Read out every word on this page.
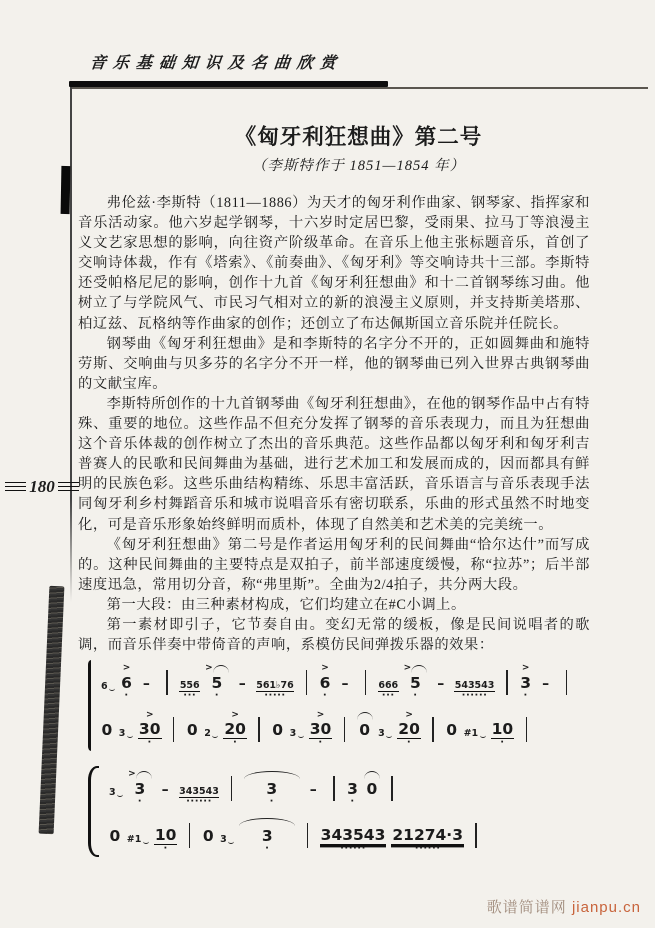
音乐基础知识及名曲欣赏
180
《匈牙利狂想曲》第二号
（李斯特作于 1851—1854 年）

弗伦兹·李斯特（1811—1886）为天才的匈牙利作曲家、钢琴家、指挥家和音乐活动家。他六岁起学钢琴，十六岁时定居巴黎，受雨果、拉马丁等浪漫主义文艺家思想的影响，向往资产阶级革命。在音乐上他主张标题音乐，首创了交响诗体裁，作有《塔索》、《前奏曲》、《匈牙利》等交响诗共十三部。李斯特还受帕格尼尼的影响，创作十九首《匈牙利狂想曲》和十二首钢琴练习曲。他树立了与学院风气、市民习气相对立的新的浪漫主义原则，并支持斯美塔那、柏辽兹、瓦格纳等作曲家的创作；还创立了布达佩斯国立音乐院并任院长。

钢琴曲《匈牙利狂想曲》是和李斯特的名字分不开的，正如圆舞曲和施特劳斯、交响曲与贝多芬的名字分不开一样，他的钢琴曲已列入世界古典钢琴曲的文献宝库。

李斯特所创作的十九首钢琴曲《匈牙利狂想曲》，在他的钢琴作品中占有特殊、重要的地位。这些作品不但充分发挥了钢琴的音乐表现力，而且为狂想曲这个音乐体裁的创作树立了杰出的音乐典范。这些作品都以匈牙利和匈牙利吉普赛人的民歌和民间舞曲为基础，进行艺术加工和发展而成的，因而都具有鲜明的民族色彩。这些乐曲结构精练、乐思丰富活跃，音乐语言与音乐表现手法同匈牙利乡村舞蹈音乐和城市说唱音乐有密切联系，乐曲的形式虽然不时地变化，可是音乐形象始终鲜明而质朴，体现了自然美和艺术美的完美统一。

《匈牙利狂想曲》第二号是作者运用匈牙利的民间舞曲“恰尔达什”而写成的。这种民间舞曲的主要特点是双拍子，前半部速度缓慢，称“拉苏”；后半部速度迅急，常用切分音，称“弗里斯”。全曲为2/4拍子，共分两大段。

第一大段：由三种素材构成，它们均建立在#C小调上。

第一素材即引子，它节奏自由。变幻无常的缓板，像是民间说唱者的歌调，而音乐伴奏中带倚音的声响，系模仿民间弹拨乐器的效果：

6
>
6
·
–	556
···
>
5
·
–	561♭76
·····
>
6
·
–	666
···
>
5
·
–	543543
······
>
3
·
–
0 3
>
30
·
0 2
>
20
·
0 3
>
30
·
0 3
>
20
·
0 #1 10
·
3
>
3
·
–	343543
······
3
·
–	3
·
0
0 #1 10
·
0 3 3
·
343543
······
21274·3
······
歌谱简谱网 jianpu.cn
